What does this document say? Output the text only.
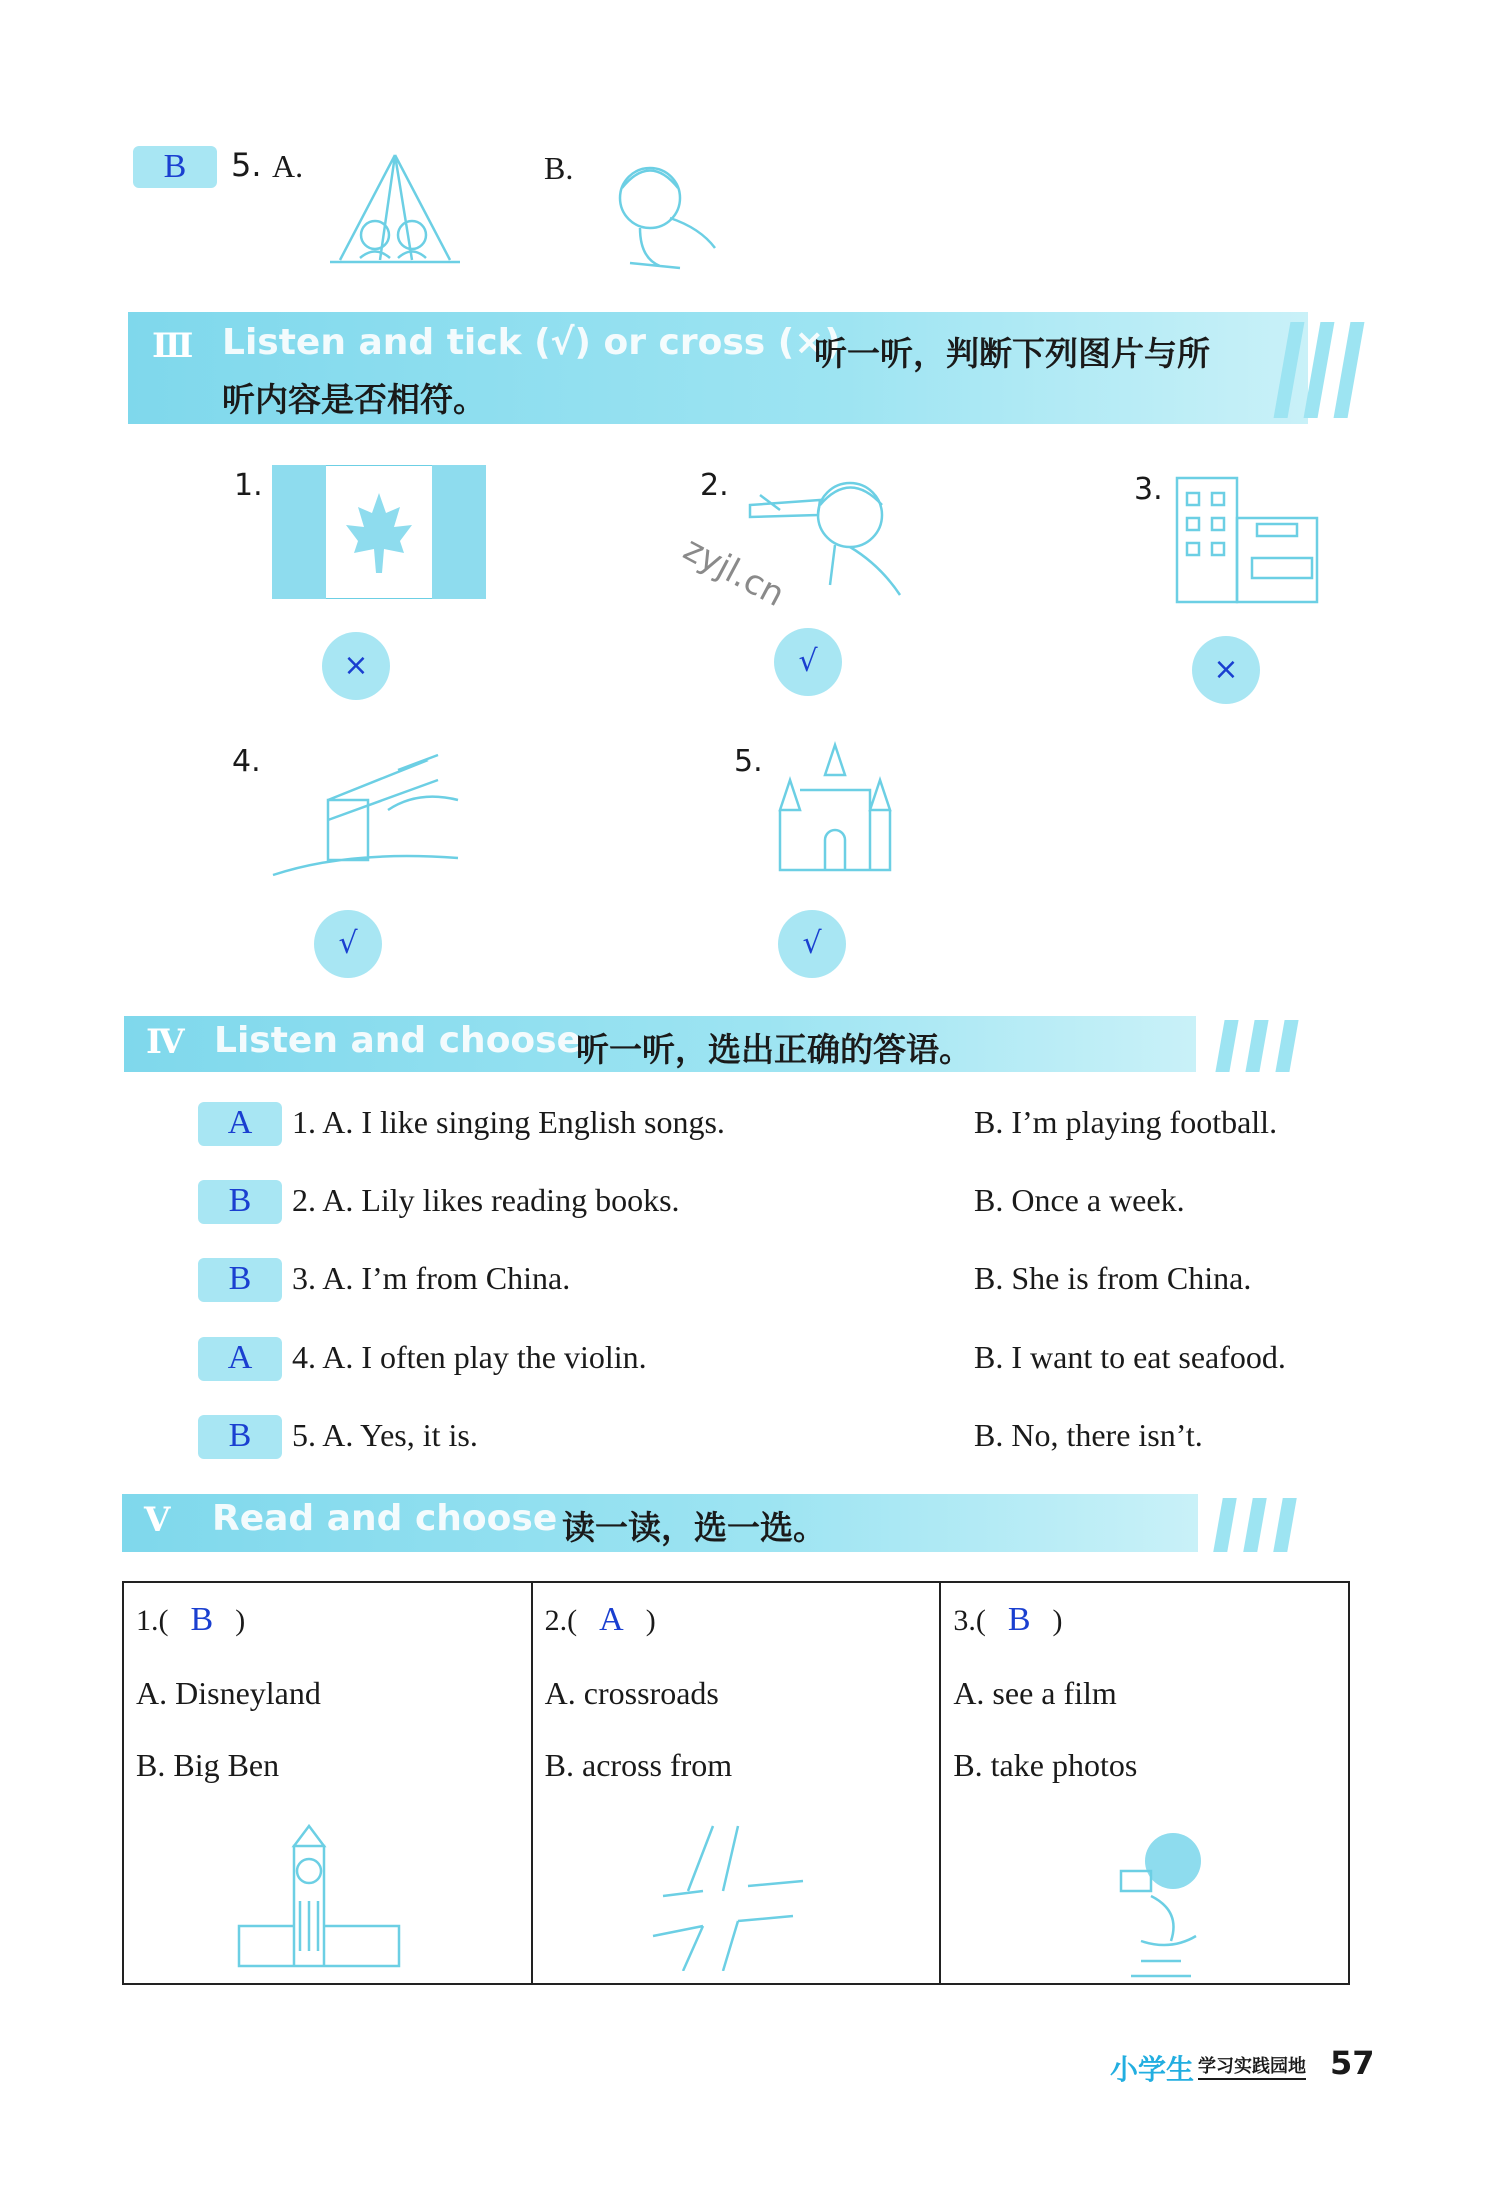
B	5. A.	B.
Ⅲ Listen and tick (√) or cross (×)
听一听，判断下列图片与所
听内容是否相符。
1.	2.
zyjl.cn
3.
×	√	×
4.	5.
√	√
Ⅳ Listen and choose
听一听，选出正确的答语。
A	1. A. I like singing English songs.	B. I’m playing football.
B	2. A. Lily likes reading books.	B. Once a week.
B	3. A. I’m from China.	B. She is from China.
A	4. A. I often play the violin.	B. I want to eat seafood.
B	5. A. Yes, it is.	B. No, there isn’t.
Ⅴ Read and choose 读一读，选一选。
1.( B )
A. Disneyland
B. Big Ben

2.( A )
A. crossroads
B. across from

3.( B )
A. see a film
B. take photos
小学生 学习实践园地 57
